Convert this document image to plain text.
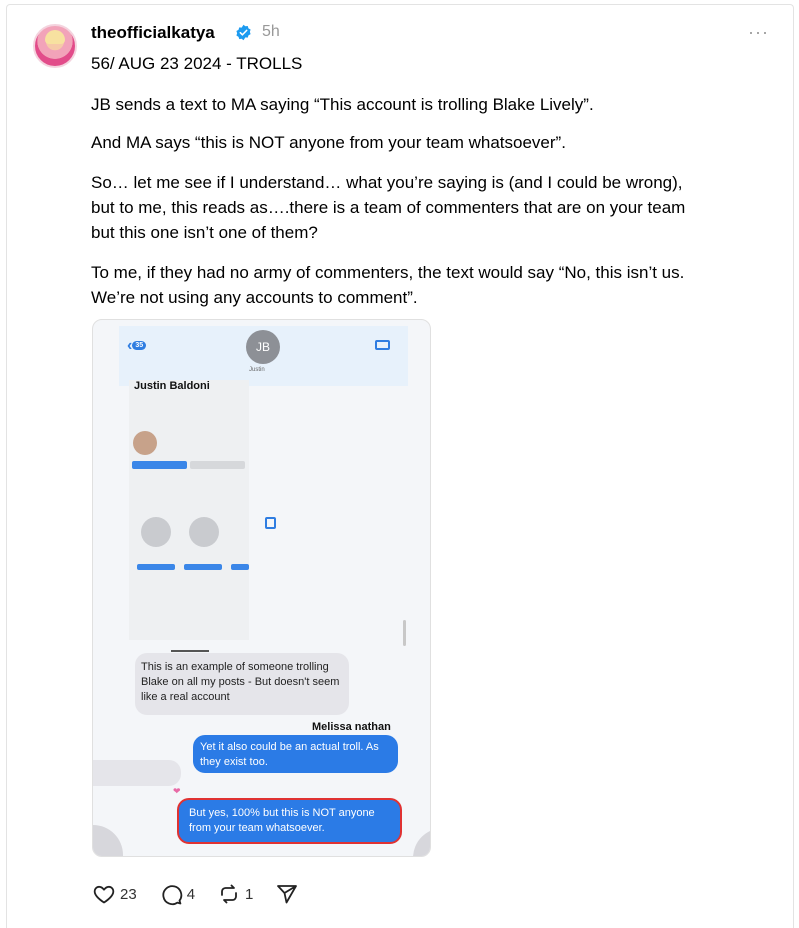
theofficialkatya	5h	···
56/ AUG 23 2024 - TROLLS
JB sends a text to MA saying “This account is trolling Blake Lively”.
And MA says “this is NOT anyone from your team whatsoever”.
So… let me see if I understand… what you’re saying is (and I could be wrong),
but to me, this reads as….there is a team of commenters that are on your team
but this one isn’t one of them?
To me, if they had no army of commenters, the text would say “No, this isn’t us.
We’re not using any accounts to comment”.
‹ 35	JB
Justin
Justin Baldoni
This is an example of someone trolling Blake on all my posts - But doesn't seem like a real account
Melissa nathan
Yet it also could be an actual troll. As they exist too.
❤
But yes, 100% but this is NOT anyone from your team whatsoever.
23	4	1
